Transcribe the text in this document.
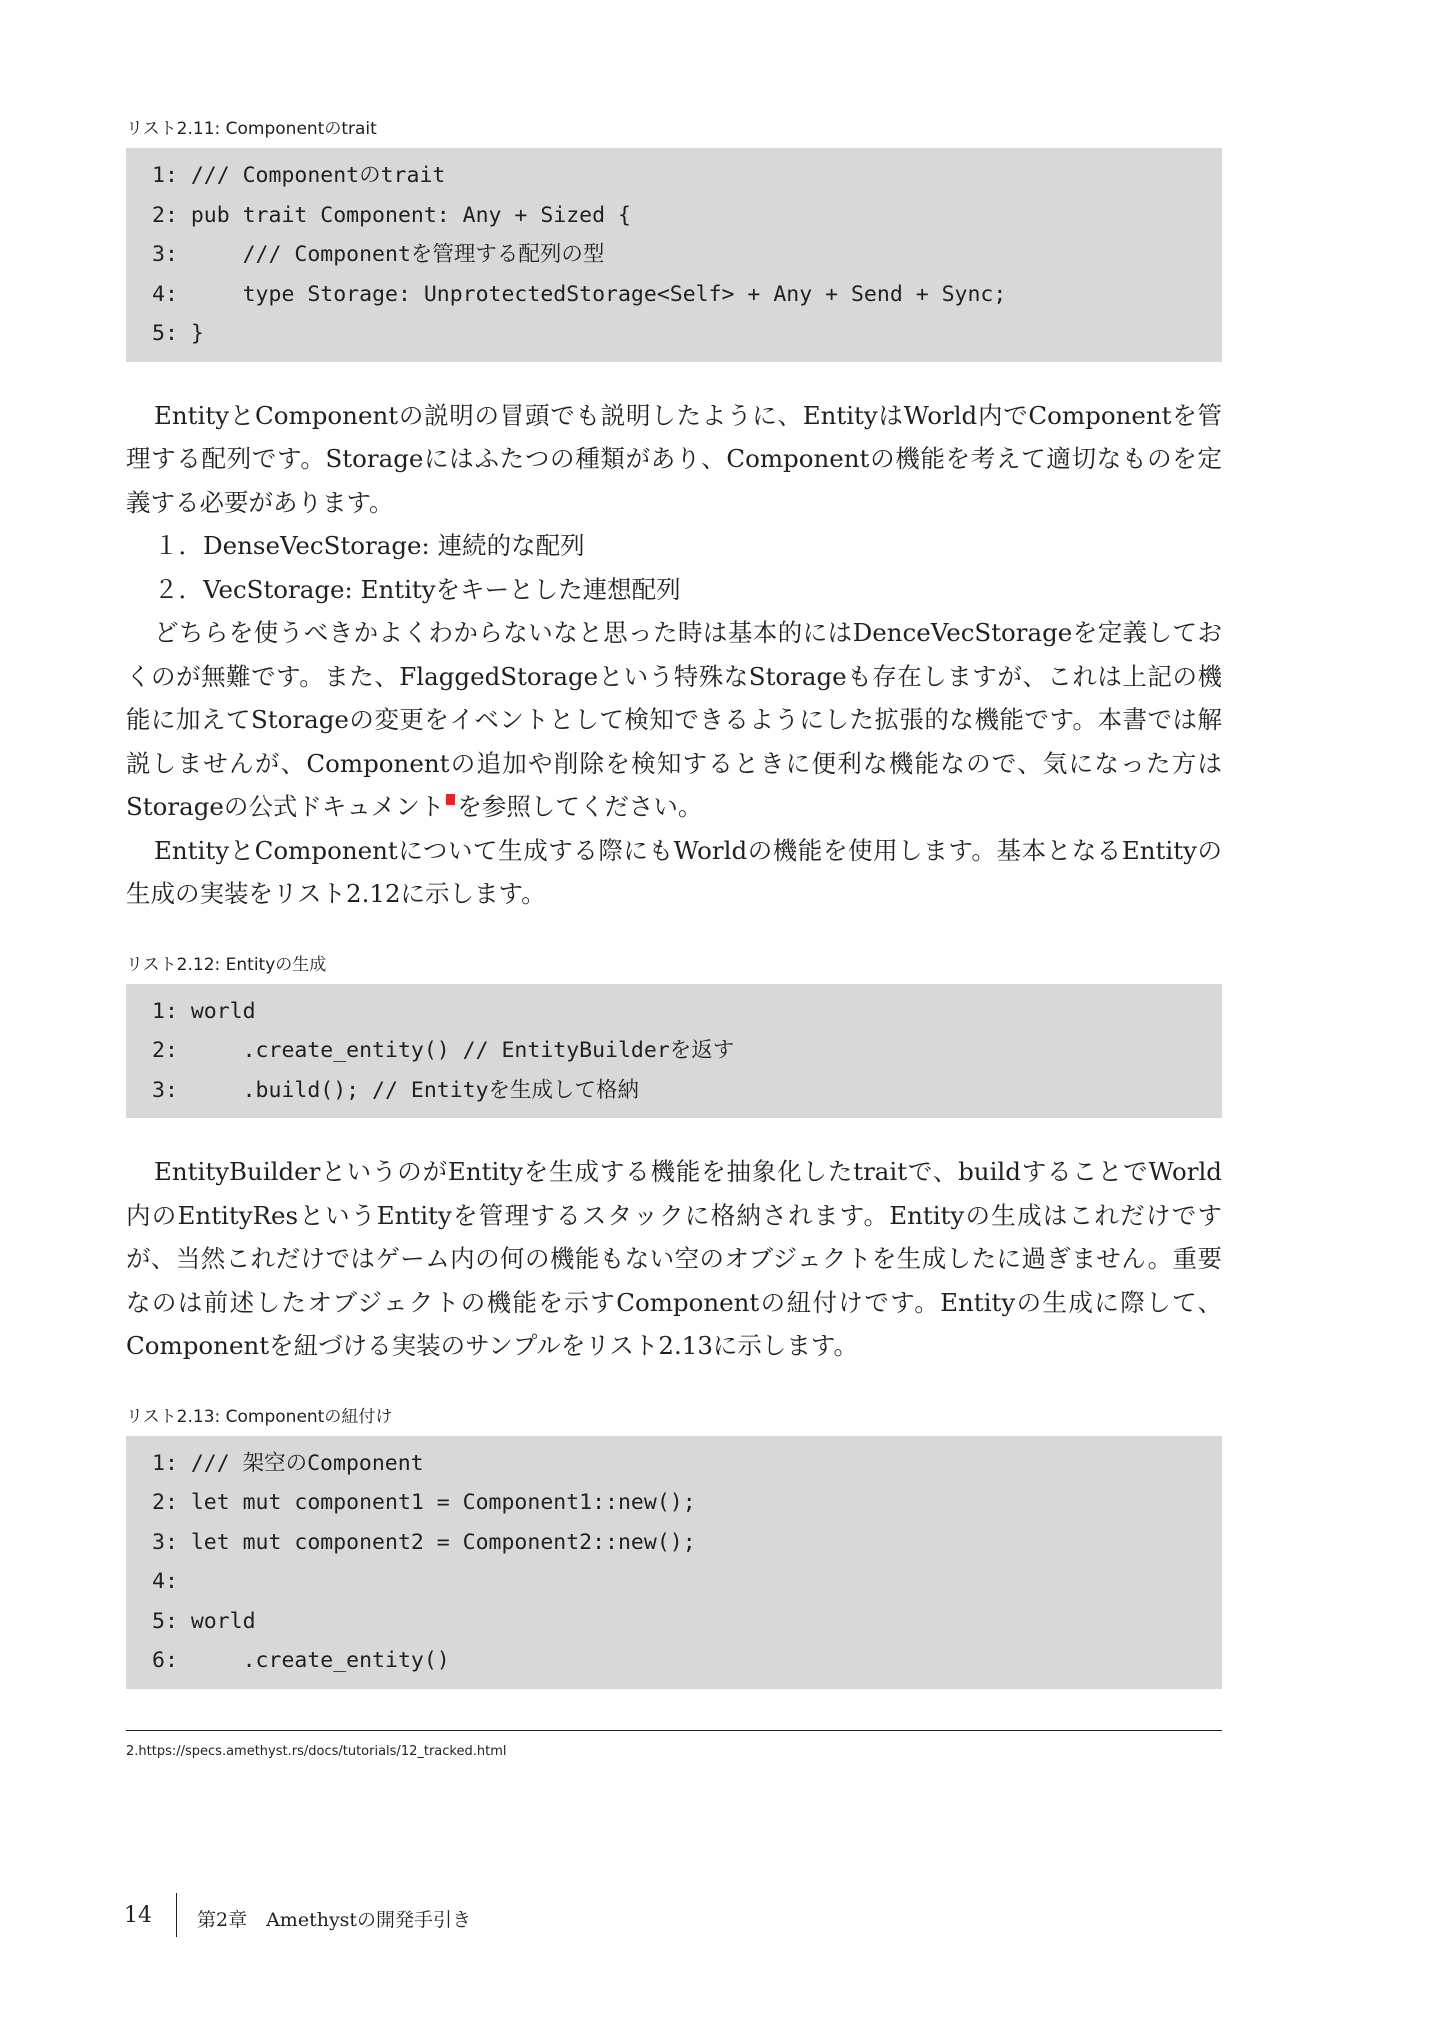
リスト2.11: Componentのtrait
1: /// Componentのtrait
2: pub trait Component: Any + Sized {
3:     /// Componentを管理する配列の型
4:     type Storage: UnprotectedStorage<Self> + Any + Send + Sync;
5: }

EntityとComponentの説明の冒頭でも説明したように、EntityはWorld内でComponentを管理する配列です。Storageにはふたつの種類があり、Componentの機能を考えて適切なものを定義する必要があります。

１．DenseVecStorage: 連続的な配列
２．VecStorage: Entityをキーとした連想配列

どちらを使うべきかよくわからないなと思った時は基本的にはDenceVecStorageを定義しておくのが無難です。また、FlaggedStorageという特殊なStorageも存在しますが、これは上記の機能に加えてStorageの変更をイベントとして検知できるようにした拡張的な機能です。本書では解説しませんが、Componentの追加や削除を検知するときに便利な機能なので、気になった方はStorageの公式ドキュメント を参照してください。

EntityとComponentについて生成する際にもWorldの機能を使用します。基本となるEntityの生成の実装をリスト2.12に示します。

リスト2.12: Entityの生成
1: world
2:     .create_entity() // EntityBuilderを返す
3:     .build(); // Entityを生成して格納

EntityBuilderというのがEntityを生成する機能を抽象化したtraitで、buildすることでWorld内のEntityResというEntityを管理するスタックに格納されます。Entityの生成はこれだけですが、当然これだけではゲーム内の何の機能もない空のオブジェクトを生成したに過ぎません。重要なのは前述したオブジェクトの機能を示すComponentの紐付けです。Entityの生成に際して、Componentを紐づける実装のサンプルをリスト2.13に示します。

リスト2.13: Componentの紐付け
1: /// 架空のComponent
2: let mut component1 = Component1::new();
3: let mut component2 = Component2::new();
4:
5: world
6:     .create_entity()
2.https://specs.amethyst.rs/docs/tutorials/12_tracked.html
14 第2章　Amethystの開発手引き
